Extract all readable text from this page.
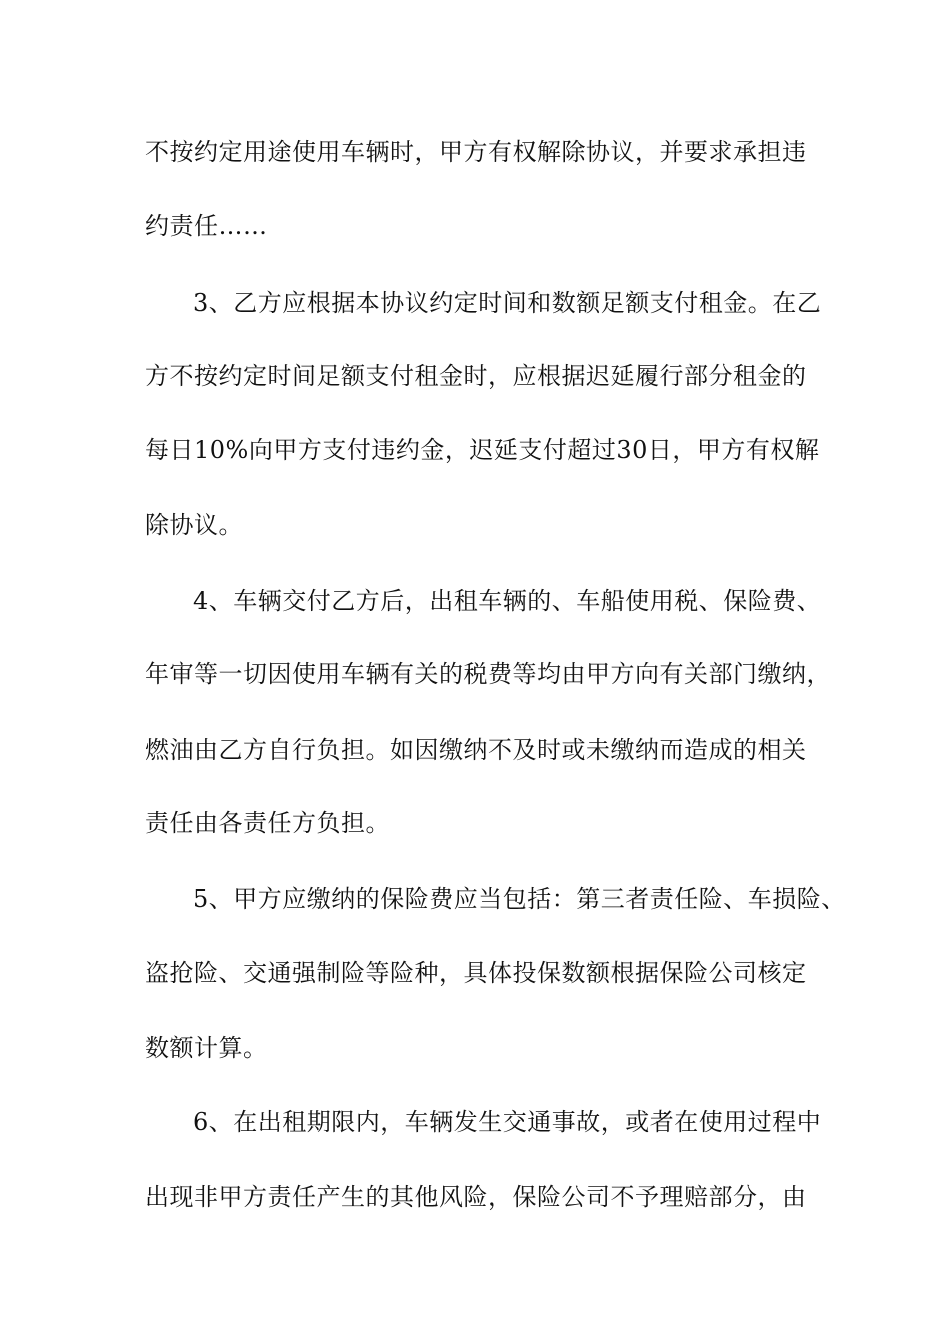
不按约定用途使用车辆时，甲方有权解除协议，并要求承担违
约责任……
3、乙方应根据本协议约定时间和数额足额支付租金。在乙
方不按约定时间足额支付租金时，应根据迟延履行部分租金的
每日10%向甲方支付违约金，迟延支付超过30日，甲方有权解
除协议。
4、车辆交付乙方后，出租车辆的、车船使用税、保险费、
年审等一切因使用车辆有关的税费等均由甲方向有关部门缴纳，
燃油由乙方自行负担。如因缴纳不及时或未缴纳而造成的相关
责任由各责任方负担。
5、甲方应缴纳的保险费应当包括：第三者责任险、车损险、
盗抢险、交通强制险等险种，具体投保数额根据保险公司核定
数额计算。
6、在出租期限内，车辆发生交通事故，或者在使用过程中
出现非甲方责任产生的其他风险，保险公司不予理赔部分，由
